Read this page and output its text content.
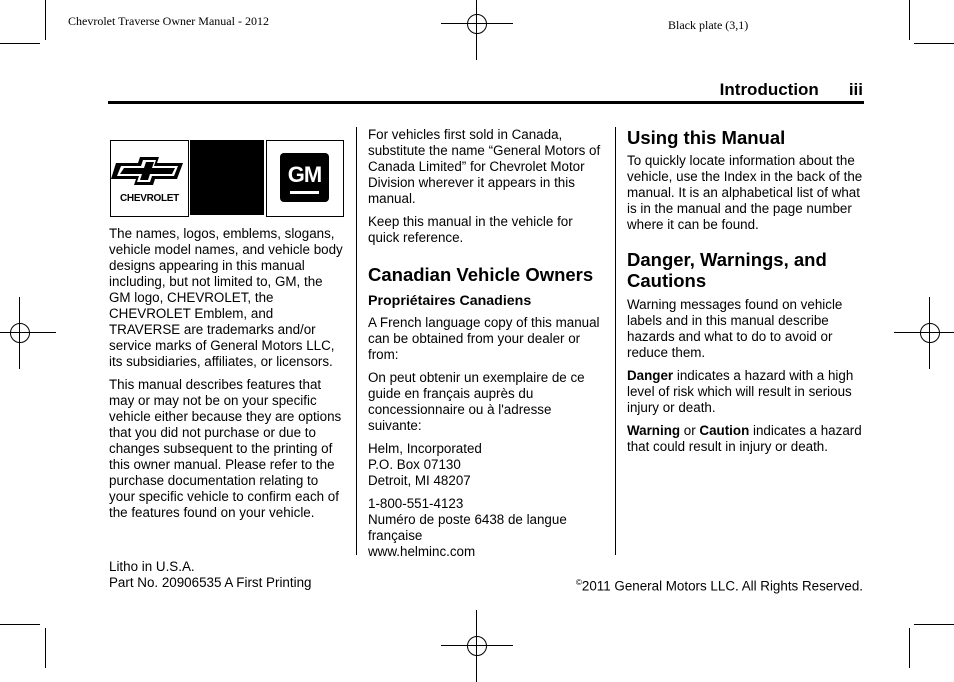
Chevrolet Traverse Owner Manual - 2012	Black plate (3,1)
Introduction iii
CHEVROLET
GM

The names, logos, emblems, slogans, vehicle model names, and vehicle body designs appearing in this manual including, but not limited to, GM, the GM logo, CHEVROLET, the CHEVROLET Emblem, and TRAVERSE are trademarks and/or service marks of General Motors LLC, its subsidiaries, affiliates, or licensors.

This manual describes features that may or may not be on your specific vehicle either because they are options that you did not purchase or due to changes subsequent to the printing of this owner manual. Please refer to the purchase documentation relating to your specific vehicle to confirm each of the features found on your vehicle.

For vehicles first sold in Canada, substitute the name “General Motors of Canada Limited” for Chevrolet Motor Division wherever it appears in this manual.

Keep this manual in the vehicle for quick reference.

Canadian Vehicle Owners
Propriétaires Canadiens

A French language copy of this manual can be obtained from your dealer or from:

On peut obtenir un exemplaire de ce guide en français auprès du concessionnaire ou à l'adresse suivante:

Helm, Incorporated
P.O. Box 07130
Detroit, MI 48207

1-800-551-4123
Numéro de poste 6438 de langue
française
www.helminc.com

Using this Manual

To quickly locate information about the vehicle, use the Index in the back of the manual. It is an alphabetical list of what is in the manual and the page number where it can be found.

Danger, Warnings, and Cautions

Warning messages found on vehicle labels and in this manual describe hazards and what to do to avoid or reduce them.

Danger indicates a hazard with a high level of risk which will result in serious injury or death.

Warning or Caution indicates a hazard that could result in injury or death.

Litho in U.S.A.
Part No. 20906535 A First Printing	©2011 General Motors LLC. All Rights Reserved.
